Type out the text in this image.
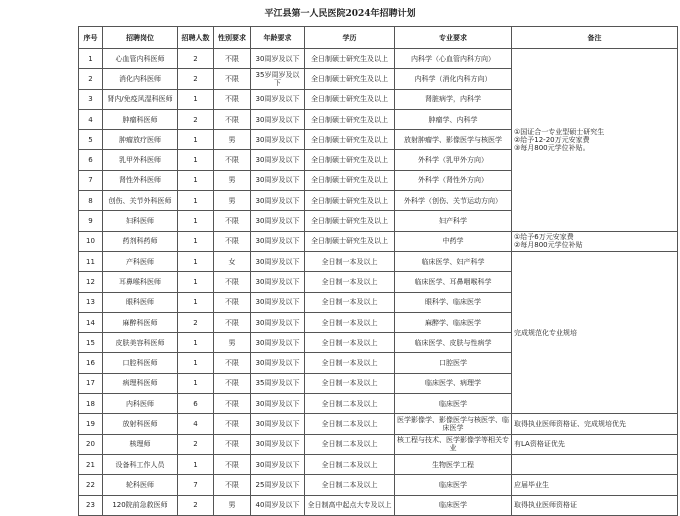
平江县第一人民医院2024年招聘计划
序号	招聘岗位	招聘人数	性别要求	年龄要求	学历	专业要求	备注
1	心血管内科医师	2	不限	30周岁及以下	全日制硕士研究生及以上	内科学（心血管内科方向）	①国证合一专业型硕士研究生
②给予12-20万元安家费
③每月800元学位补贴。
2	消化内科医师	2	不限	35岁周岁及以下	全日制硕士研究生及以上	内科学（消化内科方向）	
3	肾内/免疫风湿科医师	1	不限	30周岁及以下	全日制硕士研究生及以上	肾脏病学，内科学	
4	肿瘤科医师	2	不限	30周岁及以下	全日制硕士研究生及以上	肿瘤学、内科学	
5	肿瘤放疗医师	1	男	30周岁及以下	全日制硕士研究生及以上	放射肿瘤学、影像医学与核医学	
6	乳甲外科医师	1	不限	30周岁及以下	全日制硕士研究生及以上	外科学（乳甲外方向）	
7	肾性外科医师	1	男	30周岁及以下	全日制硕士研究生及以上	外科学（肾性外方向）	
8	创伤、关节外科医师	1	男	30周岁及以下	全日制硕士研究生及以上	外科学（创伤、关节运动方向）	
9	妇科医师	1	不限	30周岁及以下	全日制硕士研究生及以上	妇产科学	
10	药剂科药师	1	不限	30周岁及以下	全日制硕士研究生及以上	中药学	①给予6万元安家费
②每月800元学位补贴
11	产科医师	1	女	30周岁及以下	全日制一本及以上	临床医学、妇产科学	完成规范化专业规培
12	耳鼻喉科医师	1	不限	30周岁及以下	全日制一本及以上	临床医学、耳鼻咽喉科学	
13	眼科医师	1	不限	30周岁及以下	全日制一本及以上	眼科学、临床医学	
14	麻醉科医师	2	不限	30周岁及以下	全日制一本及以上	麻醉学、临床医学	
15	皮肤美容科医师	1	男	30周岁及以下	全日制一本及以上	临床医学、皮肤与性病学	
16	口腔科医师	1	不限	30周岁及以下	全日制一本及以上	口腔医学	
17	病理科医师	1	不限	35周岁及以下	全日制一本及以上	临床医学、病理学	
18	内科医师	6	不限	30周岁及以下	全日制二本及以上	临床医学	
19	放射科医师	4	不限	30周岁及以下	全日制二本及以上	医学影像学、影像医学与核医学、临床医学	取得执业医师资格证、完成规培优先
20	核理师	2	不限	30周岁及以下	全日制二本及以上	核工程与技术、医学影像学等相关专业	有LA资格证优先
21	设备科工作人员	1	不限	30周岁及以下	全日制二本及以上	生物医学工程	
22	轮科医师	7	不限	25周岁及以下	全日制二本及以上	临床医学	应届毕业生
23	120院前急救医师	2	男	40周岁及以下	全日制高中起点大专及以上	临床医学	取得执业医师资格证
